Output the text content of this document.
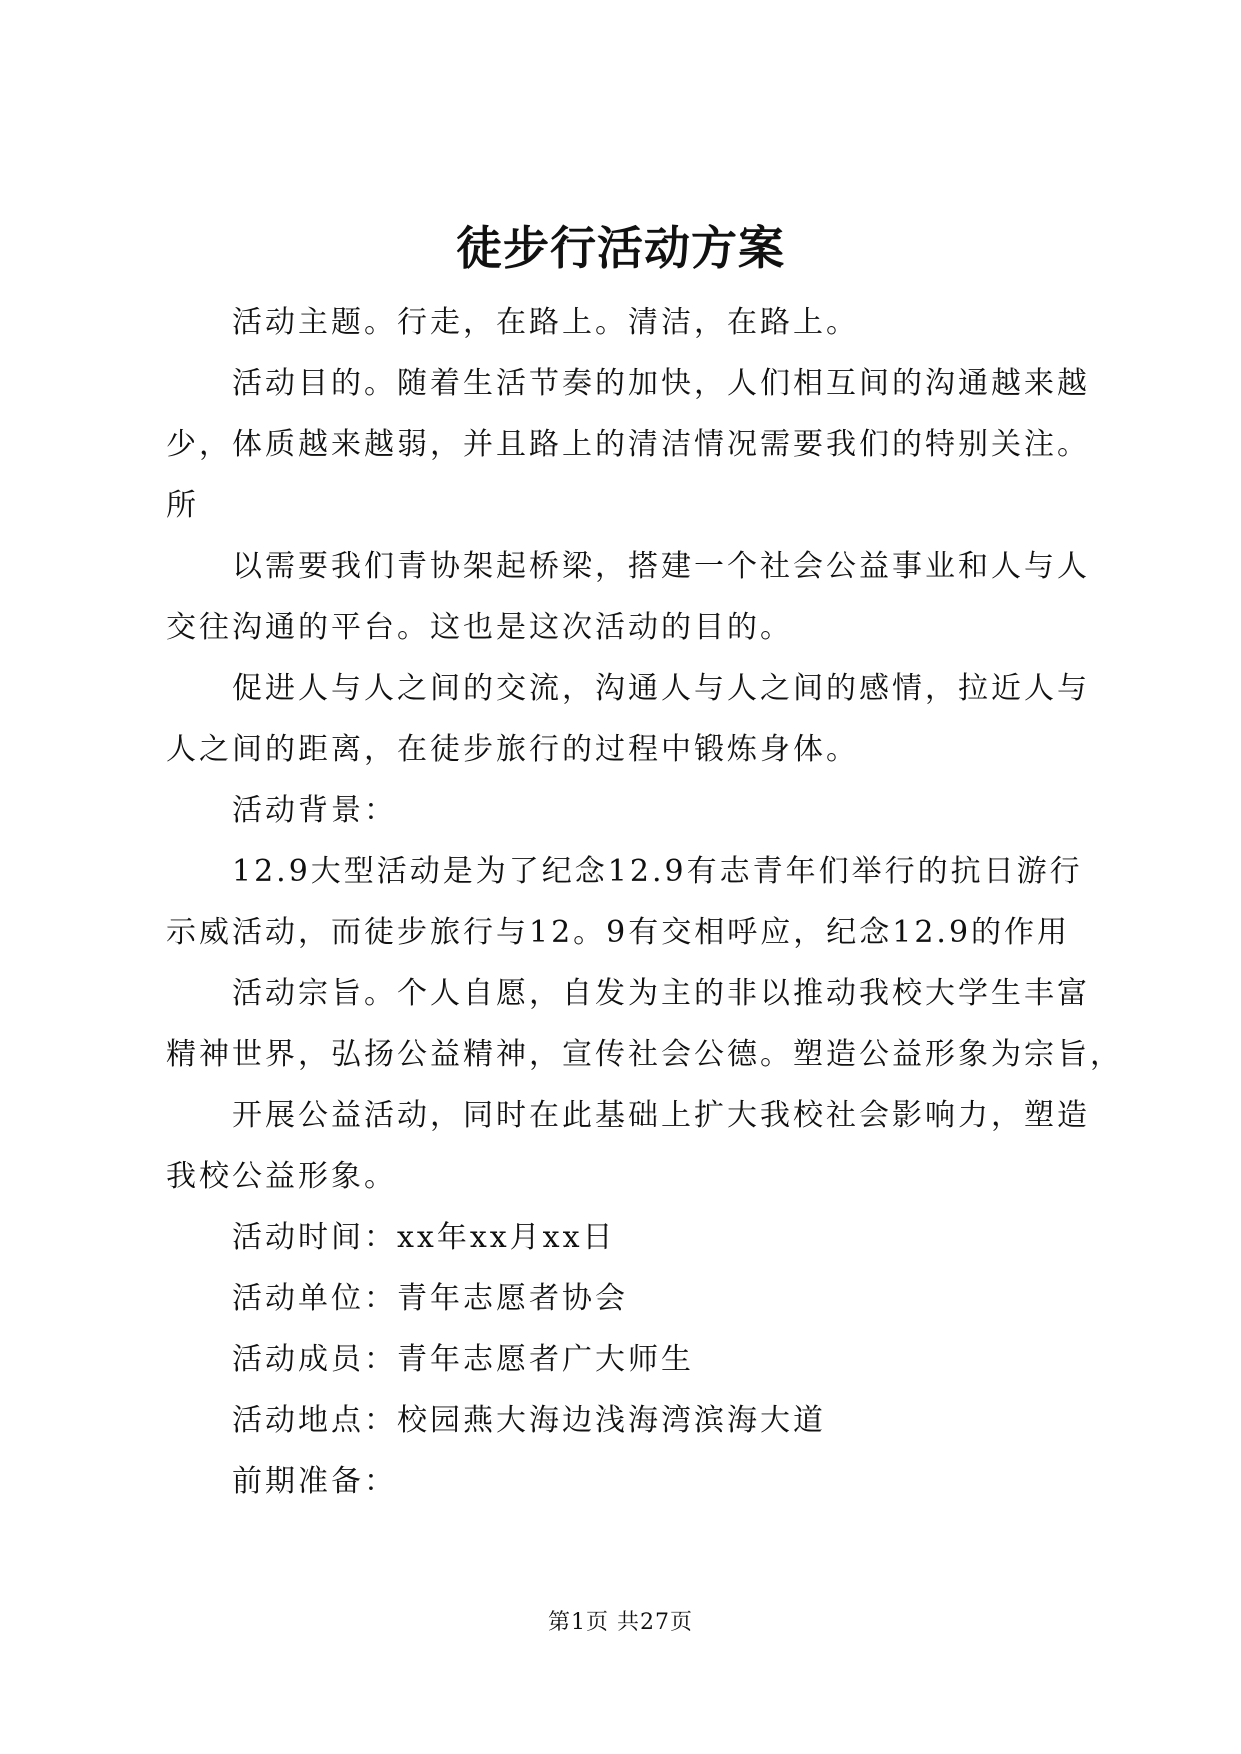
徒步行活动方案
活动主题。行走，在路上。清洁，在路上。
活动目的。随着生活节奏的加快，人们相互间的沟通越来越
少，体质越来越弱，并且路上的清洁情况需要我们的特别关注。
所
以需要我们青协架起桥梁，搭建一个社会公益事业和人与人
交往沟通的平台。这也是这次活动的目的。
促进人与人之间的交流，沟通人与人之间的感情，拉近人与
人之间的距离，在徒步旅行的过程中锻炼身体。
活动背景：
12.9大型活动是为了纪念12.9有志青年们举行的抗日游行
示威活动，而徒步旅行与12。9有交相呼应，纪念12.9的作用
活动宗旨。个人自愿，自发为主的非以推动我校大学生丰富
精神世界，弘扬公益精神，宣传社会公德。塑造公益形象为宗旨，
开展公益活动，同时在此基础上扩大我校社会影响力，塑造
我校公益形象。
活动时间：xx年xx月xx日
活动单位：青年志愿者协会
活动成员：青年志愿者广大师生
活动地点：校园燕大海边浅海湾滨海大道
前期准备：
第1页 共27页
